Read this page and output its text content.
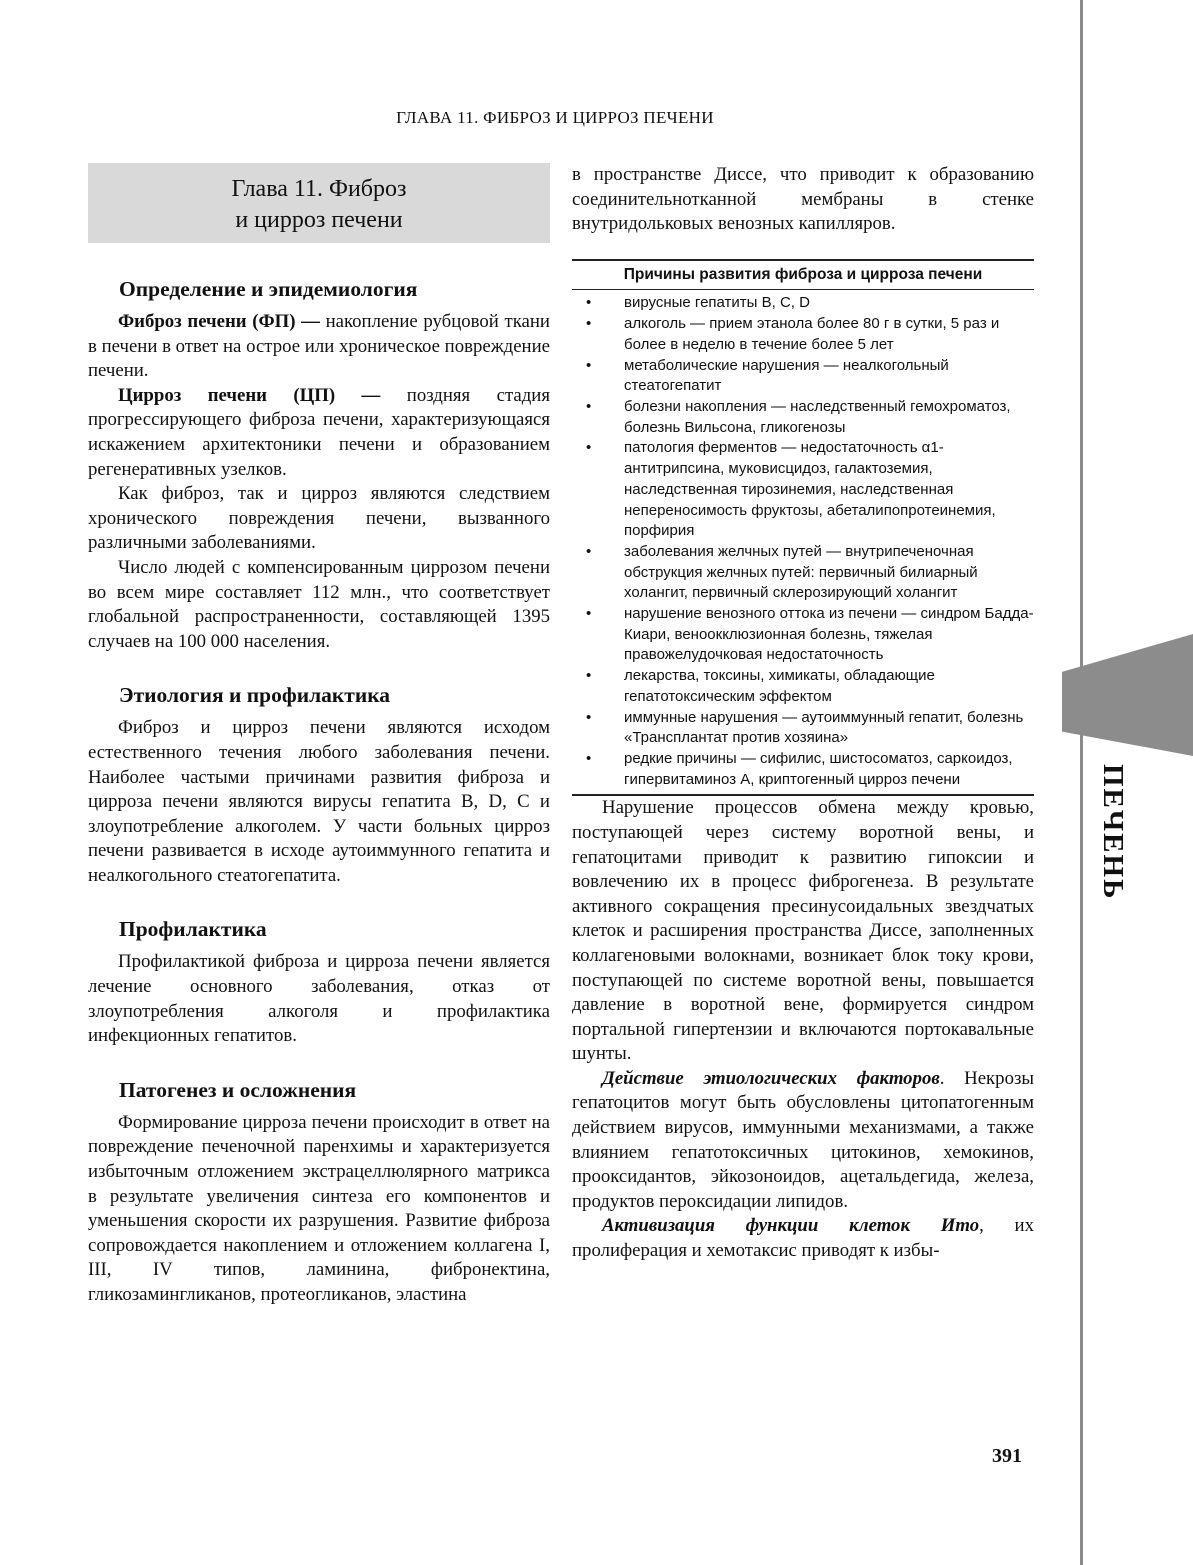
ГЛАВА 11. ФИБРОЗ И ЦИРРОЗ ПЕЧЕНИ
ПЕЧЕНЬ
Глава 11. Фиброз
и цирроз печени
Определение и эпидемиология

Фиброз печени (ФП) — накопление рубцовой ткани в печени в ответ на острое или хроническое повреждение печени.

Цирроз печени (ЦП) — поздняя стадия прогрессирующего фиброза печени, характеризующаяся искажением архитектоники печени и образованием регенеративных узелков.

Как фиброз, так и цирроз являются следствием хронического повреждения печени, вызванного различными заболеваниями.

Число людей с компенсированным циррозом печени во всем мире составляет 112 млн., что соответствует глобальной распространенности, составляющей 1395 случаев на 100 000 населения.

Этиология и профилактика

Фиброз и цирроз печени являются исходом естественного течения любого заболевания печени. Наиболее частыми причинами развития фиброза и цирроза печени являются вирусы гепатита В, D, С и злоупотребление алкоголем. У части больных цирроз печени развивается в исходе аутоиммунного гепатита и неалкогольного стеатогепатита.

Профилактика

Профилактикой фиброза и цирроза печени является лечение основного заболевания, отказ от злоупотребления алкоголя и профилактика инфекционных гепатитов.

Патогенез и осложнения

Формирование цирроза печени происходит в ответ на повреждение печеночной паренхимы и характеризуется избыточным отложением экстрацеллюлярного матрикса в результате увеличения синтеза его компонентов и уменьшения скорости их разрушения. Развитие фиброза сопровождается накоплением и отложением коллагена I, III, IV типов, ламинина, фибронектина, гликозамингликанов, протеогликанов, эластина

в пространстве Диссе, что приводит к образованию соединительнотканной мембраны в стенке внутридольковых венозных капилляров.

Причины развития фиброза и цирроза печени
• вирусные гепатиты В, С, D
• алкоголь — прием этанола более 80 г в сутки, 5 раз и более в неделю в течение более 5 лет
• метаболические нарушения — неалкогольный стеатогепатит
• болезни накопления — наследственный гемохроматоз, болезнь Вильсона, гликогенозы
• патология ферментов — недостаточность α1-антитрипсина, муковисцидоз, галактоземия, наследственная тирозинемия, наследственная непереносимость фруктозы, абеталипопротеинемия, порфирия
• заболевания желчных путей — внутрипеченочная обструкция желчных путей: первичный билиарный холангит, первичный склерозирующий холангит
• нарушение венозного оттока из печени — синдром Бадда-Киари, веноокклюзионная болезнь, тяжелая правожелудочковая недостаточность
• лекарства, токсины, химикаты, обладающие гепатотоксическим эффектом
• иммунные нарушения — аутоиммунный гепатит, болезнь «Трансплантат против хозяина»
• редкие причины — сифилис, шистосоматоз, саркоидоз, гипервитаминоз А, криптогенный цирроз печени

Нарушение процессов обмена между кровью, поступающей через систему воротной вены, и гепатоцитами приводит к развитию гипоксии и вовлечению их в процесс фиброгенеза. В результате активного сокращения пресинусоидальных звездчатых клеток и расширения пространства Диссе, заполненных коллагеновыми волокнами, возникает блок току крови, поступающей по системе воротной вены, повышается давление в воротной вене, формируется синдром портальной гипертензии и включаются портокавальные шунты.

Действие этиологических факторов. Некрозы гепатоцитов могут быть обусловлены цитопатогенным действием вирусов, иммунными механизмами, а также влиянием гепатотоксичных цитокинов, хемокинов, прооксидантов, эйкозоноидов, ацетальдегида, железа, продуктов пероксидации липидов.

Активизация функции клеток Ито, их пролиферация и хемотаксис приводят к избы-

391
